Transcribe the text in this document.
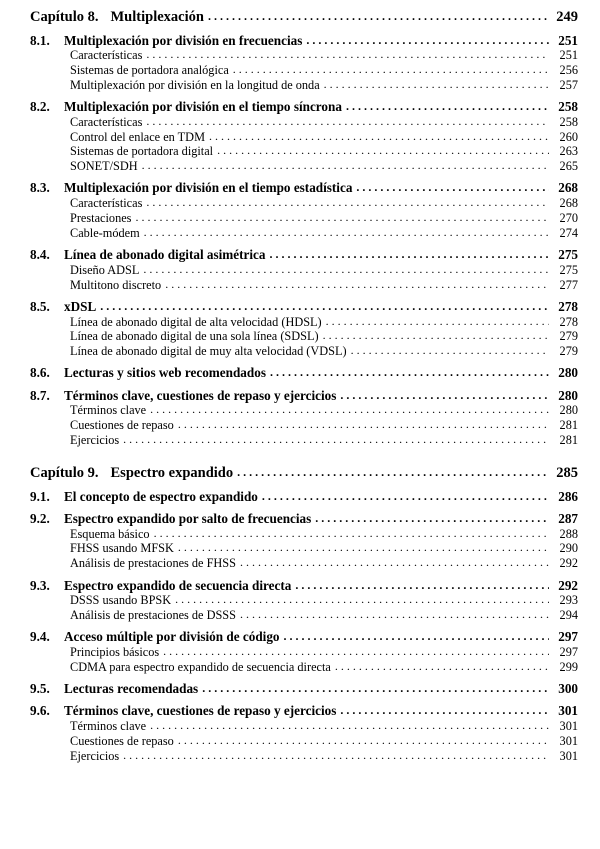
Capítulo 8. Multiplexación . . .	249
8.1.	Multiplexación por división en frecuencias . . .	251
Características . . .	251
Sistemas de portadora analógica . . .	256
Multiplexación por división en la longitud de onda . . .	257
8.2.	Multiplexación por división en el tiempo síncrona . . .	258
Características . . .	258
Control del enlace en TDM . . .	260
Sistemas de portadora digital . . .	263
SONET/SDH . . .	265
8.3.	Multiplexación por división en el tiempo estadística . . .	268
Características . . .	268
Prestaciones . . .	270
Cable-módem . . .	274
8.4.	Línea de abonado digital asimétrica . . .	275
Diseño ADSL . . .	275
Multitono discreto . . .	277
8.5.	xDSL . . .	278
Línea de abonado digital de alta velocidad (HDSL) . . .	278
Línea de abonado digital de una sola línea (SDSL) . . .	279
Línea de abonado digital de muy alta velocidad (VDSL) . . .	279
8.6.	Lecturas y sitios web recomendados . . .	280
8.7.	Términos clave, cuestiones de repaso y ejercicios . . .	280
Términos clave . . .	280
Cuestiones de repaso . . .	281
Ejercicios . . .	281
Capítulo 9. Espectro expandido . . .	285
9.1.	El concepto de espectro expandido . . .	286
9.2.	Espectro expandido por salto de frecuencias . . .	287
Esquema básico . . .	288
FHSS usando MFSK . . .	290
Análisis de prestaciones de FHSS . . .	292
9.3.	Espectro expandido de secuencia directa . . .	292
DSSS usando BPSK . . .	293
Análisis de prestaciones de DSSS . . .	294
9.4.	Acceso múltiple por división de código . . .	297
Principios básicos . . .	297
CDMA para espectro expandido de secuencia directa . . .	299
9.5.	Lecturas recomendadas . . .	300
9.6.	Términos clave, cuestiones de repaso y ejercicios . . .	301
Términos clave . . .	301
Cuestiones de repaso . . .	301
Ejercicios . . .	301
